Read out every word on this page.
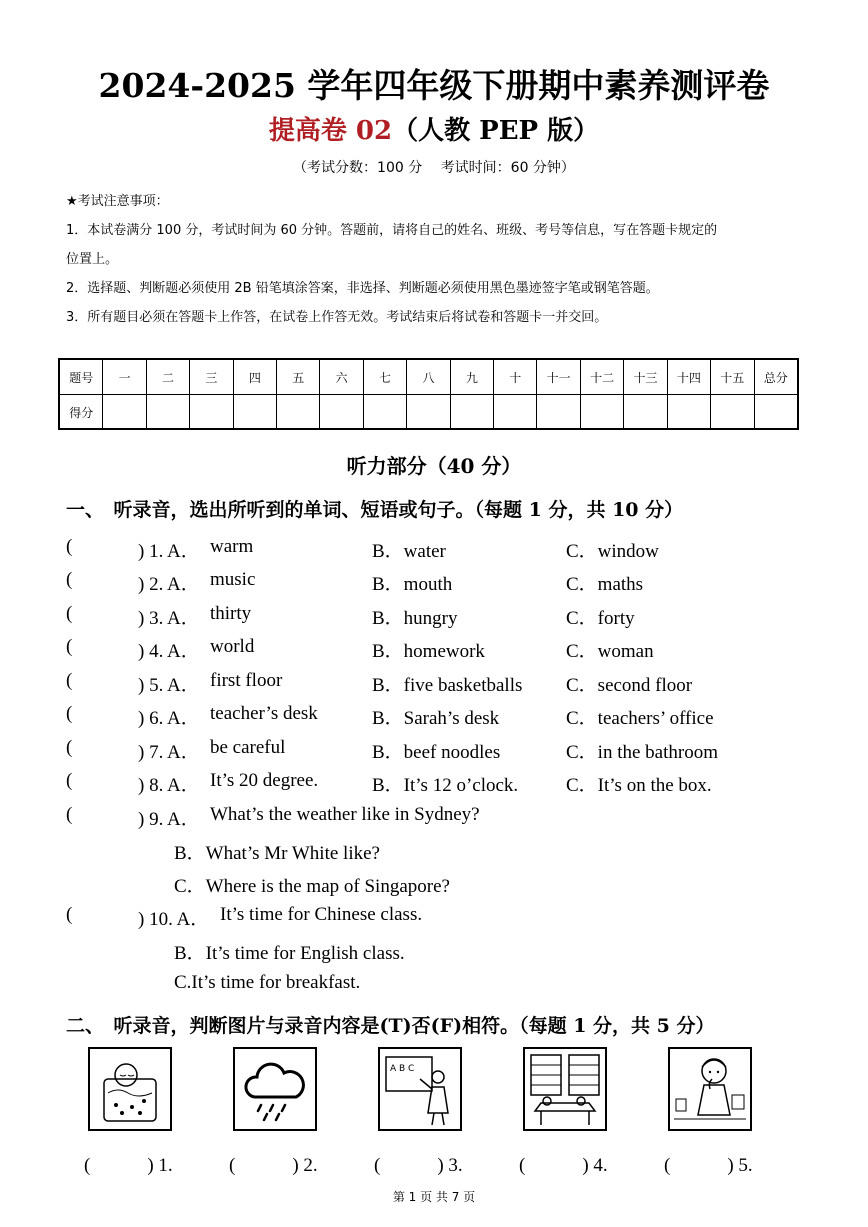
2024-2025 学年四年级下册期中素养测评卷
提高卷 02（人教 PEP 版）
（考试分数：100 分　 考试时间：60 分钟）
★考试注意事项：
1．本试卷满分 100 分，考试时间为 60 分钟。答题前，请将自己的姓名、班级、考号等信息，写在答题卡规定的
位置上。
2．选择题、判断题必须使用 2B 铅笔填涂答案，非选择、判断题必须使用黑色墨迹签字笔或钢笔答题。
3．所有题目必须在答题卡上作答，在试卷上作答无效。考试结束后将试卷和答题卡一并交回。
题号	一	二	三	四	五	六	七	八	九	十	十一	十二	十三	十四	十五	总分
得分
听力部分（40 分）
一、　听录音，选出所听到的单词、短语或句子。（每题 1 分，共 10 分）
(	) 1. A． warm	B．water	C．window
(	) 2. A． music	B．mouth	C．maths
(	) 3. A． thirty	B．hungry	C．forty
(	) 4. A． world	B．homework	C．woman
(	) 5. A． first floor	B．five basketballs C．second floor
(	) 6. A． teacher’s desk	B．Sarah’s desk	C．teachers’ office
(	) 7. A． be careful	B．beef noodles	C．in the bathroom
(	) 8. A． It’s 20 degree.	B．It’s 12 o’clock.	C．It’s on the box.
(	) 9. A． What’s the weather like in Sydney?
B．What’s Mr White like?
C．Where is the map of Singapore?
(	) 10. A． It’s time for Chinese class.
B．It’s time for English class.
C.It’s time for breakfast.
二、　听录音，判断图片与录音内容是(T)否(F)相符。（每题 1 分，共 5 分）
A B C
(　　　) 1.	(　　　) 2.	(　　　) 3.	(　　　) 4.	(　　　) 5.
第 1 页 共 7 页
